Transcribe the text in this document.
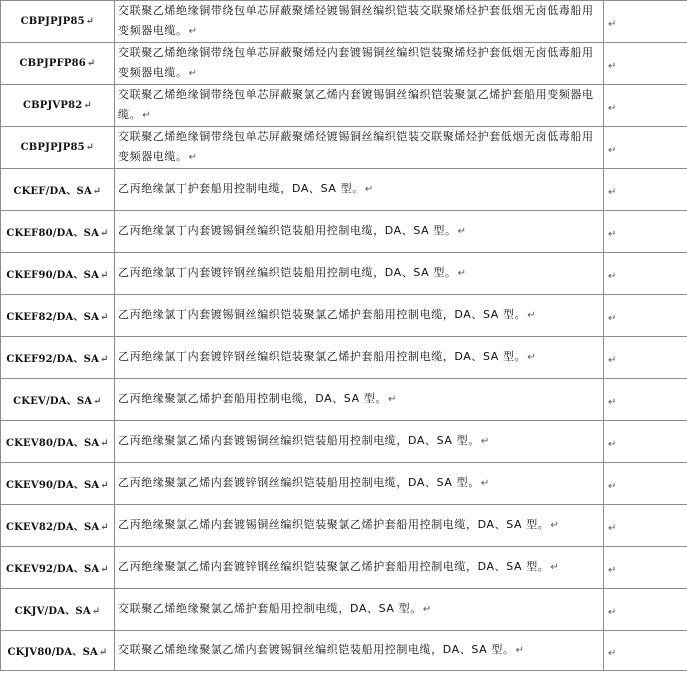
CBPJPJP85↵	交联聚乙烯绝缘铜带绕包单芯屏蔽聚烯烃镀锡铜丝编织铠装交联聚烯烃护套低烟无卤低毒船用变频器电缆。↵	↵
CBPJPFP86↵	交联聚乙烯绝缘铜带绕包单芯屏蔽聚烯烃内套镀锡铜丝编织铠装聚烯烃护套低烟无卤低毒船用变频器电缆。↵	↵
CBPJVP82↵	交联聚乙烯绝缘铜带绕包单芯屏蔽聚氯乙烯内套镀锡铜丝编织铠装聚氯乙烯护套船用变频器电缆。↵	↵
CBPJPJP85↵	交联聚乙烯绝缘铜带绕包单芯屏蔽聚烯烃镀锡铜丝编织铠装交联聚烯烃护套低烟无卤低毒船用变频器电缆。↵	↵
CKEF/DA、SA↵	乙丙绝缘氯丁护套船用控制电缆，DA、SA 型。↵	↵
CKEF80/DA、SA↵	乙丙绝缘氯丁内套镀锡铜丝编织铠装船用控制电缆，DA、SA 型。↵	↵
CKEF90/DA、SA↵	乙丙绝缘氯丁内套镀锌钢丝编织铠装船用控制电缆，DA、SA 型。↵	↵
CKEF82/DA、SA↵	乙丙绝缘氯丁内套镀锡铜丝编织铠装聚氯乙烯护套船用控制电缆，DA、SA 型。↵	↵
CKEF92/DA、SA↵	乙丙绝缘氯丁内套镀锌钢丝编织铠装聚氯乙烯护套船用控制电缆，DA、SA 型。↵	↵
CKEV/DA、SA↵	乙丙绝缘聚氯乙烯护套船用控制电缆，DA、SA 型。↵	↵
CKEV80/DA、SA↵	乙丙绝缘聚氯乙烯内套镀锡铜丝编织铠装船用控制电缆，DA、SA 型。↵	↵
CKEV90/DA、SA↵	乙丙绝缘聚氯乙烯内套镀锌钢丝编织铠装船用控制电缆，DA、SA 型。↵	↵
CKEV82/DA、SA↵	乙丙绝缘聚氯乙烯内套镀锡铜丝编织铠装聚氯乙烯护套船用控制电缆，DA、SA 型。↵	↵
CKEV92/DA、SA↵	乙丙绝缘聚氯乙烯内套镀锌钢丝编织铠装聚氯乙烯护套船用控制电缆，DA、SA 型。↵	↵
CKJV/DA、SA↵	交联聚乙烯绝缘聚氯乙烯护套船用控制电缆，DA、SA 型。↵	↵
CKJV80/DA、SA↵	交联聚乙烯绝缘聚氯乙烯内套镀锡铜丝编织铠装船用控制电缆，DA、SA 型。↵	↵
